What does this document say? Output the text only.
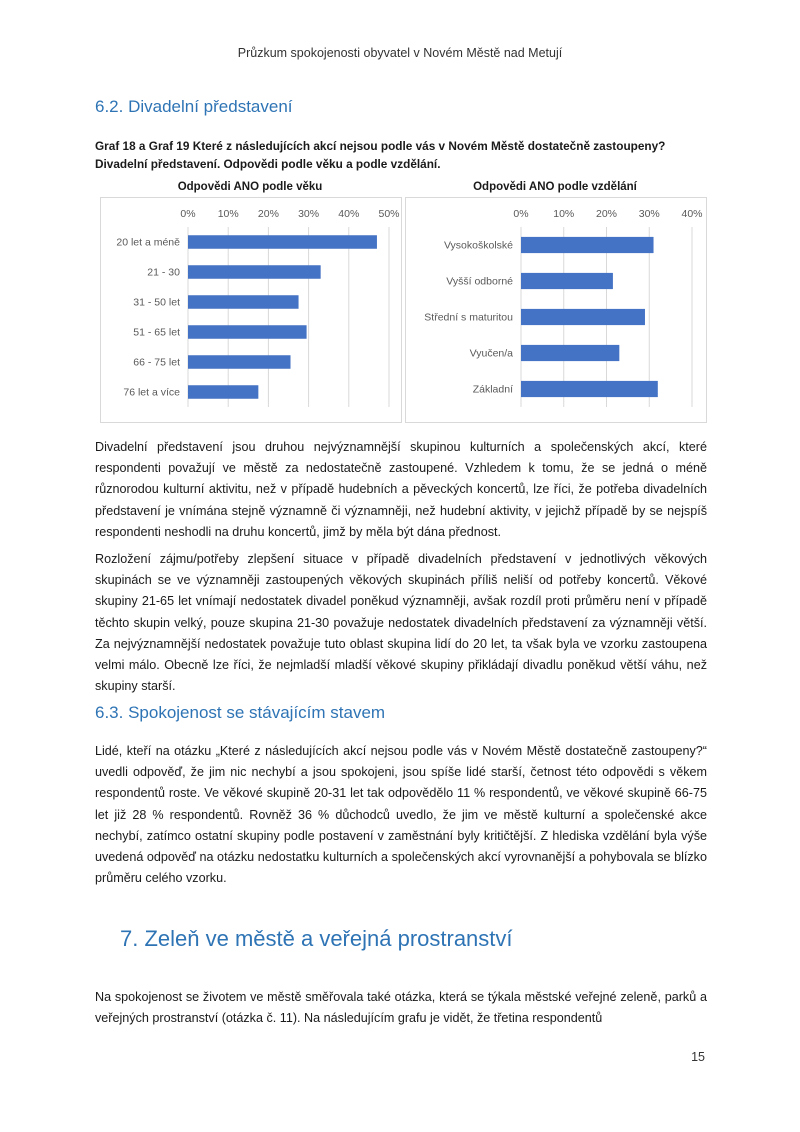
Průzkum spokojenosti obyvatel v Novém Městě nad Metují
6.2. Divadelní představení

Graf 18 a Graf 19 Které z následujících akcí nejsou podle vás v Novém Městě dostatečně zastoupeny? Divadelní představení. Odpovědi podle věku a podle vzdělání.

Odpovědi ANO podle věku
0% 10% 20% 30% 40% 50%
20 let a méně
21 - 30
31 - 50 let
51 - 65 let
66 - 75 let
76 let a více
Odpovědi ANO podle vzdělání
0% 10% 20% 30% 40%
Vysokoškolské
Vyšší odborné
Střední s maturitou
Vyučen/a
Základní

Divadelní představení jsou druhou nejvýznamnější skupinou kulturních a společenských akcí, které respondenti považují ve městě za nedostatečně zastoupené. Vzhledem k tomu, že se jedná o méně různorodou kulturní aktivitu, než v případě hudebních a pěveckých koncertů, lze říci, že potřeba divadelních představení je vnímána stejně významně či významněji, než hudební aktivity, v jejichž případě by se nejspíš respondenti neshodli na druhu koncertů, jimž by měla být dána přednost.

Rozložení zájmu/potřeby zlepšení situace v případě divadelních představení v jednotlivých věkových skupinách se ve významněji zastoupených věkových skupinách příliš neliší od potřeby koncertů. Věkové skupiny 21-65 let vnímají nedostatek divadel poněkud významněji, avšak rozdíl proti průměru není v případě těchto skupin velký, pouze skupina 21-30 považuje nedostatek divadelních představení za významněji větší. Za nejvýznamnější nedostatek považuje tuto oblast skupina lidí do 20 let, ta však byla ve vzorku zastoupena velmi málo. Obecně lze říci, že nejmladší mladší věkové skupiny přikládají divadlu poněkud větší váhu, než skupiny starší.

6.3. Spokojenost se stávajícím stavem

Lidé, kteří na otázku „Které z následujících akcí nejsou podle vás v Novém Městě dostatečně zastoupeny?“ uvedli odpověď, že jim nic nechybí a jsou spokojeni, jsou spíše lidé starší, četnost této odpovědi s věkem respondentů roste. Ve věkové skupině 20-31 let tak odpovědělo 11 % respondentů, ve věkové skupině 66-75 let již 28 % respondentů. Rovněž 36 % důchodců uvedlo, že jim ve městě kulturní a společenské akce nechybí, zatímco ostatní skupiny podle postavení v zaměstnání byly kritičtější. Z hlediska vzdělání byla výše uvedená odpověď na otázku nedostatku kulturních a společenských akcí vyrovnanější a pohybovala se blízko průměru celého vzorku.

7. Zeleň ve městě a veřejná prostranství

Na spokojenost se životem ve městě směřovala také otázka, která se týkala městské veřejné zeleně, parků a veřejných prostranství (otázka č. 11). Na následujícím grafu je vidět, že třetina respondentů

15
